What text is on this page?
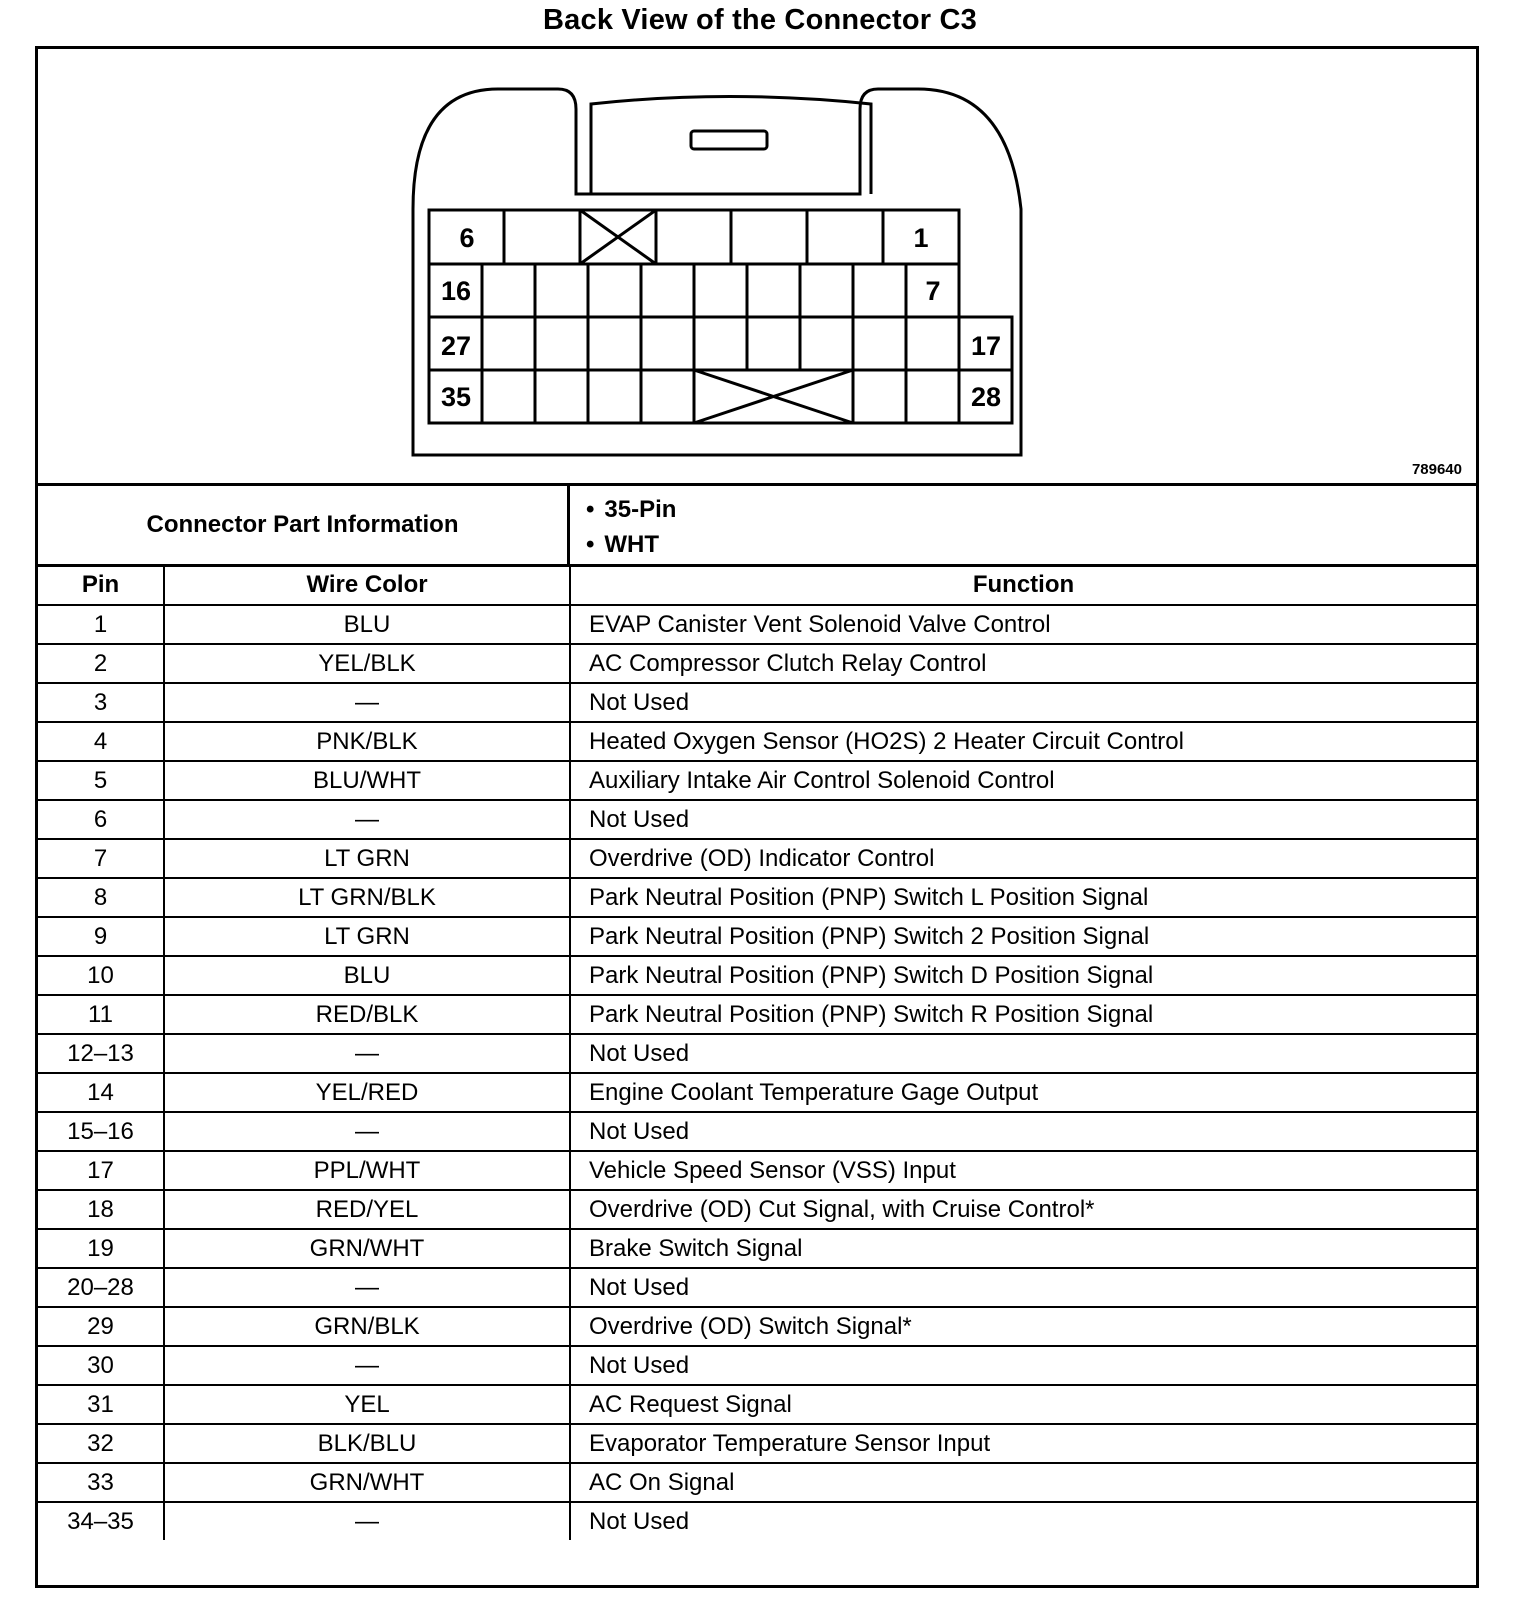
Back View of the Connector C3
6	1
16	7
27	17
35	28
789640
Connector Part Information
• 35-Pin
• WHT
Pin	Wire Color	Function
1	BLU	EVAP Canister Vent Solenoid Valve Control
2	YEL/BLK	AC Compressor Clutch Relay Control
3	—	Not Used
4	PNK/BLK	Heated Oxygen Sensor (HO2S) 2 Heater Circuit Control
5	BLU/WHT	Auxiliary Intake Air Control Solenoid Control
6	—	Not Used
7	LT GRN	Overdrive (OD) Indicator Control
8	LT GRN/BLK	Park Neutral Position (PNP) Switch L Position Signal
9	LT GRN	Park Neutral Position (PNP) Switch 2 Position Signal
10	BLU	Park Neutral Position (PNP) Switch D Position Signal
11	RED/BLK	Park Neutral Position (PNP) Switch R Position Signal
12–13	—	Not Used
14	YEL/RED	Engine Coolant Temperature Gage Output
15–16	—	Not Used
17	PPL/WHT	Vehicle Speed Sensor (VSS) Input
18	RED/YEL	Overdrive (OD) Cut Signal, with Cruise Control*
19	GRN/WHT	Brake Switch Signal
20–28	—	Not Used
29	GRN/BLK	Overdrive (OD) Switch Signal*
30	—	Not Used
31	YEL	AC Request Signal
32	BLK/BLU	Evaporator Temperature Sensor Input
33	GRN/WHT	AC On Signal
34–35	—	Not Used
